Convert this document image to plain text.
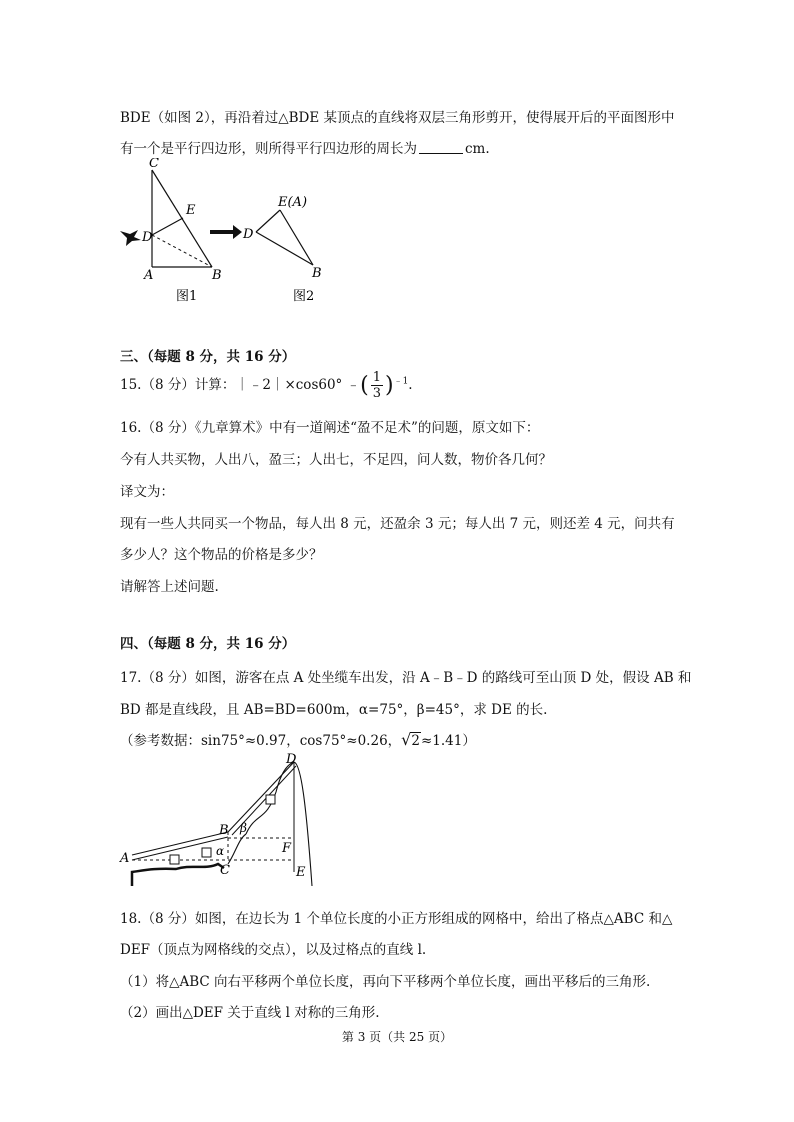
BDE（如图 2），再沿着过△BDE 某顶点的直线将双层三角形剪开，使得展开后的平面图形中
有一个是平行四边形，则所得平行四边形的周长为	cm.
C
E
D
A	B
图1
D
E(A)
B
图2
三、（每题 8 分，共 16 分）
15.（8 分）计算：｜﹣2｜×cos60° ﹣( $\frac{1}{3} )^{﹣1}$.
16.（8 分）《九章算术》中有一道阐述“盈不足术”的问题，原文如下：
今有人共买物，人出八，盈三；人出七，不足四，问人数，物价各几何？
译文为：
现有一些人共同买一个物品，每人出 8 元，还盈余 3 元；每人出 7 元，则还差 4 元，问共有
多少人？这个物品的价格是多少？
请解答上述问题.
四、（每题 8 分，共 16 分）
17.（8 分）如图，游客在点 A 处坐缆车出发，沿 A﹣B﹣D 的路线可至山顶 D 处，假设 AB 和
BD 都是直线段，且 AB=BD=600m，α=75°，β=45°，求 DE 的长.
（参考数据：sin75°≈0.97，cos75°≈0.26，√2≈1.41）
D
B β
α	F
A
C	E
18.（8 分）如图，在边长为 1 个单位长度的小正方形组成的网格中，给出了格点△ABC 和△
DEF（顶点为网格线的交点），以及过格点的直线 l.
（1）将△ABC 向右平移两个单位长度，再向下平移两个单位长度，画出平移后的三角形.
（2）画出△DEF 关于直线 l 对称的三角形.
第 3 页（共 25 页）
